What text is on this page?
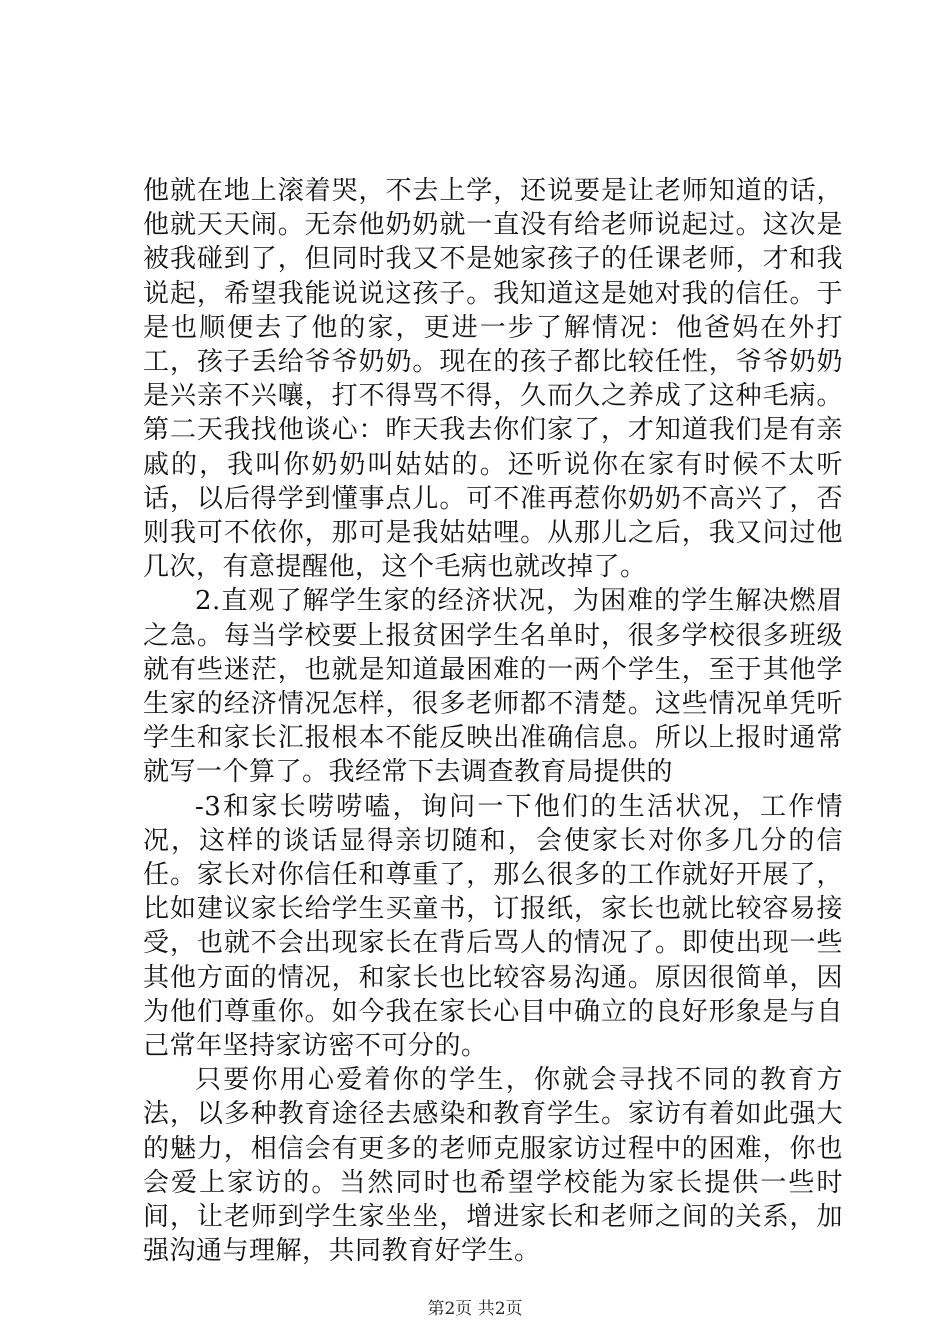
他就在地上滚着哭，不去上学，还说要是让老师知道的话，他就天天闹。无奈他奶奶就一直没有给老师说起过。这次是被我碰到了，但同时我又不是她家孩子的任课老师，才和我说起，希望我能说说这孩子。我知道这是她对我的信任。于是也顺便去了他的家，更进一步了解情况：他爸妈在外打工，孩子丢给爷爷奶奶。现在的孩子都比较任性，爷爷奶奶是兴亲不兴嚷，打不得骂不得，久而久之养成了这种毛病。第二天我找他谈心：昨天我去你们家了，才知道我们是有亲戚的，我叫你奶奶叫姑姑的。还听说你在家有时候不太听话，以后得学到懂事点儿。可不准再惹你奶奶不高兴了，否则我可不依你，那可是我姑姑哩。从那儿之后，我又问过他几次，有意提醒他，这个毛病也就改掉了。

2.直观了解学生家的经济状况，为困难的学生解决燃眉之急。每当学校要上报贫困学生名单时，很多学校很多班级就有些迷茫，也就是知道最困难的一两个学生，至于其他学生家的经济情况怎样，很多老师都不清楚。这些情况单凭听学生和家长汇报根本不能反映出准确信息。所以上报时通常就写一个算了。我经常下去调查教育局提供的

-3和家长唠唠嗑，询问一下他们的生活状况，工作情况，这样的谈话显得亲切随和，会使家长对你多几分的信任。家长对你信任和尊重了，那么很多的工作就好开展了，比如建议家长给学生买童书，订报纸，家长也就比较容易接受，也就不会出现家长在背后骂人的情况了。即使出现一些其他方面的情况，和家长也比较容易沟通。原因很简单，因为他们尊重你。如今我在家长心目中确立的良好形象是与自己常年坚持家访密不可分的。

只要你用心爱着你的学生，你就会寻找不同的教育方法，以多种教育途径去感染和教育学生。家访有着如此强大的魅力，相信会有更多的老师克服家访过程中的困难，你也会爱上家访的。当然同时也希望学校能为家长提供一些时间，让老师到学生家坐坐，增进家长和老师之间的关系，加强沟通与理解，共同教育好学生。

第2页 共2页
